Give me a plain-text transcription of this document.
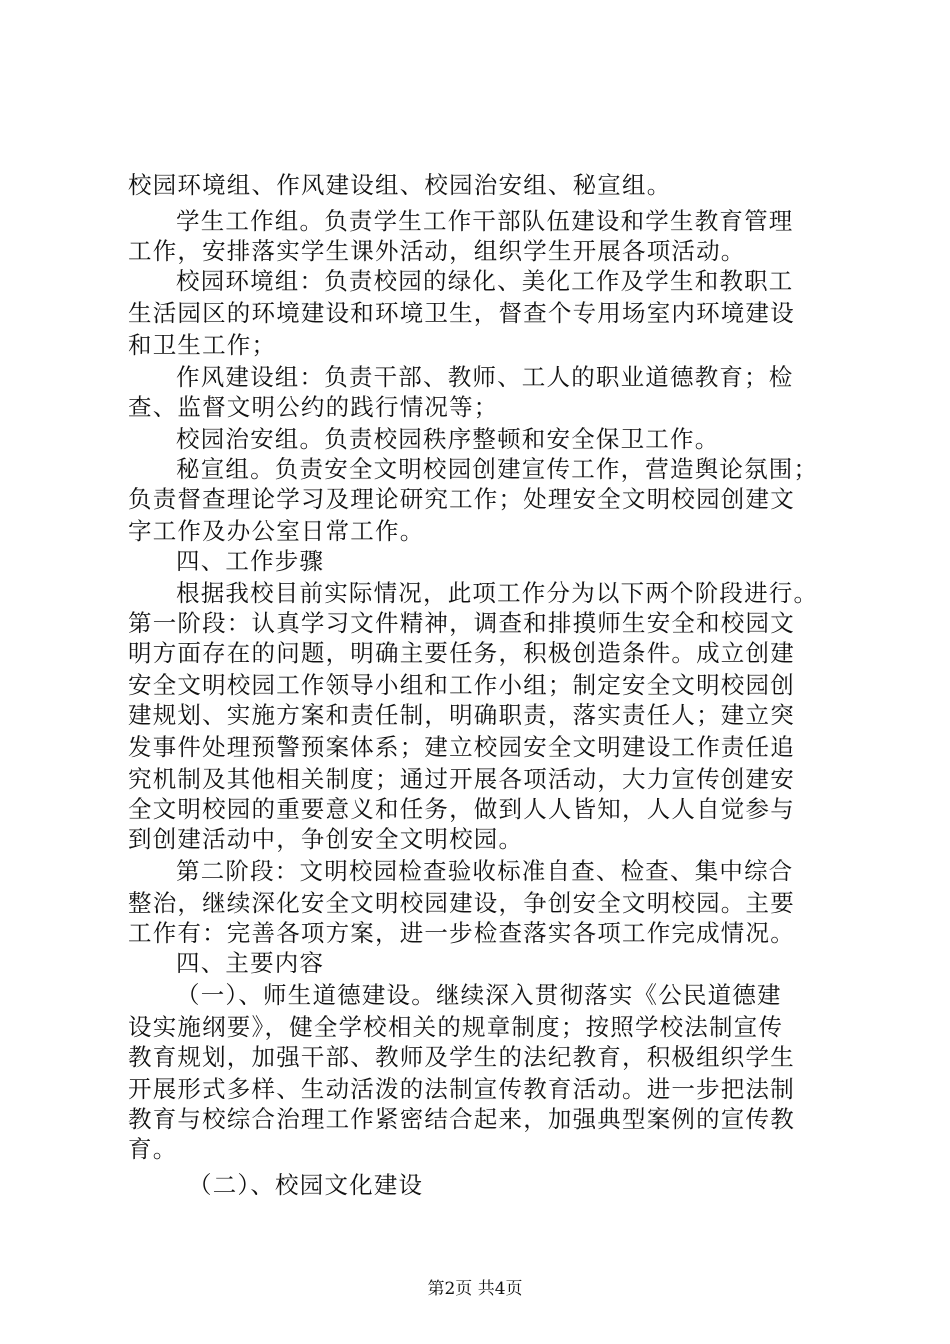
校园环境组、作风建设组、校园治安组、秘宣组。
学生工作组。负责学生工作干部队伍建设和学生教育管理
工作，安排落实学生课外活动，组织学生开展各项活动。
校园环境组：负责校园的绿化、美化工作及学生和教职工
生活园区的环境建设和环境卫生，督查个专用场室内环境建设
和卫生工作；
作风建设组：负责干部、教师、工人的职业道德教育；检
查、监督文明公约的践行情况等；
校园治安组。负责校园秩序整顿和安全保卫工作。
秘宣组。负责安全文明校园创建宣传工作，营造舆论氛围；
负责督查理论学习及理论研究工作；处理安全文明校园创建文
字工作及办公室日常工作。
四、工作步骤
根据我校目前实际情况，此项工作分为以下两个阶段进行。
第一阶段：认真学习文件精神，调查和排摸师生安全和校园文
明方面存在的问题，明确主要任务，积极创造条件。成立创建
安全文明校园工作领导小组和工作小组；制定安全文明校园创
建规划、实施方案和责任制，明确职责，落实责任人；建立突
发事件处理预警预案体系；建立校园安全文明建设工作责任追
究机制及其他相关制度；通过开展各项活动，大力宣传创建安
全文明校园的重要意义和任务，做到人人皆知，人人自觉参与
到创建活动中，争创安全文明校园。
第二阶段：文明校园检查验收标准自查、检查、集中综合
整治，继续深化安全文明校园建设，争创安全文明校园。主要
工作有：完善各项方案，进一步检查落实各项工作完成情况。
四、主要内容
（一）、师生道德建设。继续深入贯彻落实《公民道德建
设实施纲要》，健全学校相关的规章制度；按照学校法制宣传
教育规划，加强干部、教师及学生的法纪教育，积极组织学生
开展形式多样、生动活泼的法制宣传教育活动。进一步把法制
教育与校综合治理工作紧密结合起来，加强典型案例的宣传教
育。
（二）、校园文化建设
第2页 共4页
